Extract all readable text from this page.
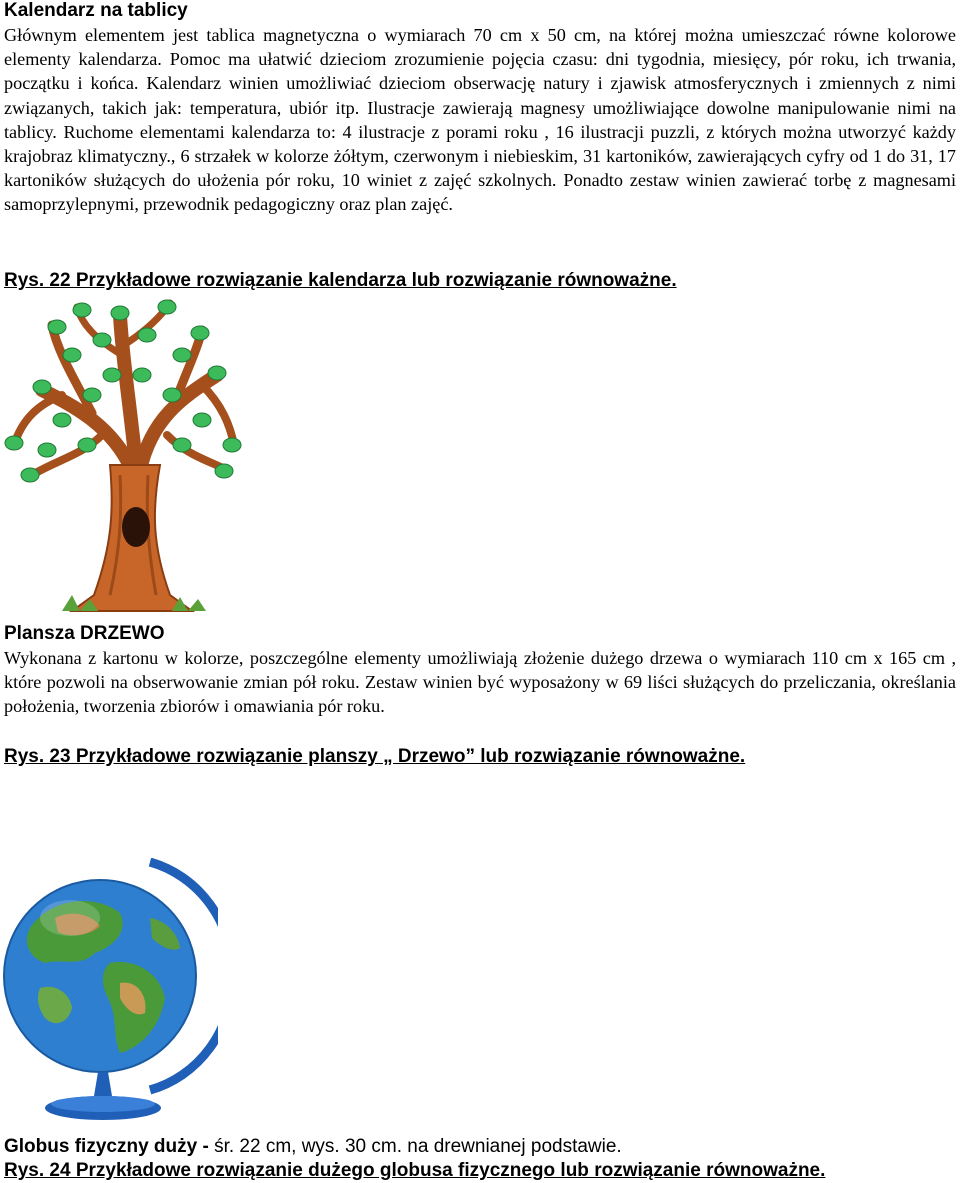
Kalendarz na tablicy
Głównym elementem jest tablica magnetyczna o wymiarach 70 cm x 50 cm, na której można umieszczać równe kolorowe elementy kalendarza. Pomoc ma ułatwić dzieciom zrozumienie pojęcia czasu: dni tygodnia, miesięcy, pór roku, ich trwania, początku i końca. Kalendarz winien umożliwiać dzieciom obserwację natury i zjawisk atmosferycznych i zmiennych z nimi związanych, takich jak: temperatura, ubiór itp. Ilustracje zawierają magnesy umożliwiające dowolne manipulowanie nimi na tablicy. Ruchome elementami kalendarza to: 4 ilustracje z porami roku , 16 ilustracji puzzli, z których można utworzyć każdy krajobraz klimatyczny., 6 strzałek w kolorze żółtym, czerwonym i niebieskim, 31 kartoników, zawierających cyfry od 1 do 31, 17 kartoników służących do ułożenia pór roku, 10 winiet z zajęć szkolnych. Ponadto zestaw winien zawierać torbę z magnesami samoprzylepnymi, przewodnik pedagogiczny oraz plan zajęć.
Rys. 22 Przykładowe rozwiązanie kalendarza lub rozwiązanie równoważne.
Plansza DRZEWO
Wykonana z kartonu w kolorze, poszczególne elementy umożliwiają złożenie dużego drzewa o wymiarach 110 cm x 165 cm , które pozwoli na obserwowanie zmian pół roku. Zestaw winien być wyposażony w 69 liści służących do przeliczania, określania położenia, tworzenia zbiorów i omawiania pór roku.
Rys. 23 Przykładowe rozwiązanie planszy „ Drzewo” lub rozwiązanie równoważne.
Globus fizyczny duży - śr. 22 cm, wys. 30 cm. na drewnianej podstawie.
Rys. 24 Przykładowe rozwiązanie dużego globusa fizycznego lub rozwiązanie równoważne.
